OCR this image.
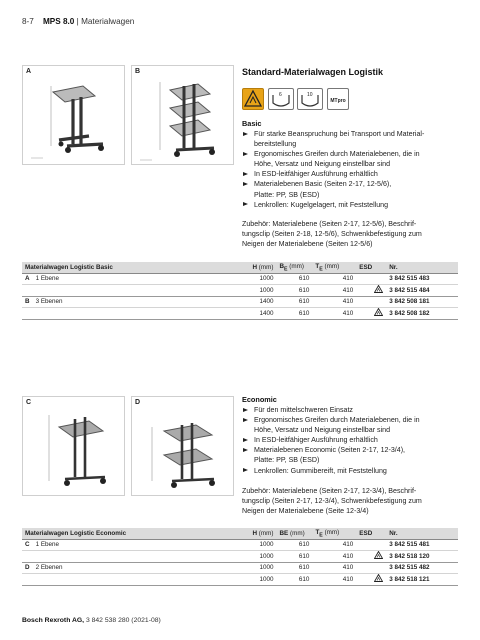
8-7 MPS 8.0 | Materialwagen
A	B	Standard-Materialwagen Logistik
6	10
MTpro
Basic
Für starke Beanspruchung bei Transport und Material-
bereitstellung
Ergonomisches Greifen durch Materialebenen, die in
Höhe, Versatz und Neigung einstellbar sind
In ESD-leitfähiger Ausführung erhältlich
Materialebenen Basic (Seiten 2-17, 12-5/6),
Platte: PP, SB (ESD)
Lenkrollen: Kugelgelagert, mit Feststellung
Zubehör: Materialebene (Seiten 2-17, 12-5/6), Beschrif-
tungsclip (Seiten 2-18, 12-5/6), Schwenkbefestigung zum
Neigen der Materialebene (Seiten 12-5/6)
Materialwagen Logistic Basic		H (mm)	$B_E$ (mm)	$T_E$ (mm)	ESD	Nr.
A	1 Ebene	1000	610	410		3 842 515 483
		1000	610	410		3 842 515 484
B	3 Ebenen	1400	610	410		3 842 508 181
		1400	610	410		3 842 508 182
C	D	Economic
Für den mittelschweren Einsatz
Ergonomisches Greifen durch Materialebenen, die in
Höhe, Versatz und Neigung einstellbar sind
In ESD-leitfähiger Ausführung erhältlich
Materialebenen Economic (Seiten 2-17, 12-3/4),
Platte: PP, SB (ESD)
Lenkrollen: Gummibereift, mit Feststellung
Zubehör: Materialebene (Seiten 2-17, 12-3/4), Beschrif-
tungsclip (Seiten 2-17, 12-3/4), Schwenkbefestigung zum
Neigen der Materialebene (Seite 12-3/4)
Materialwagen Logistic Economic		H (mm)	BE (mm)	$T_E$ (mm)	ESD	Nr.
C	1 Ebene	1000	610	410		3 842 515 481
		1000	610	410		3 842 518 120
D	2 Ebenen	1000	610	410		3 842 515 482
		1000	610	410		3 842 518 121
Bosch Rexroth AG, 3 842 538 280 (2021-08)
